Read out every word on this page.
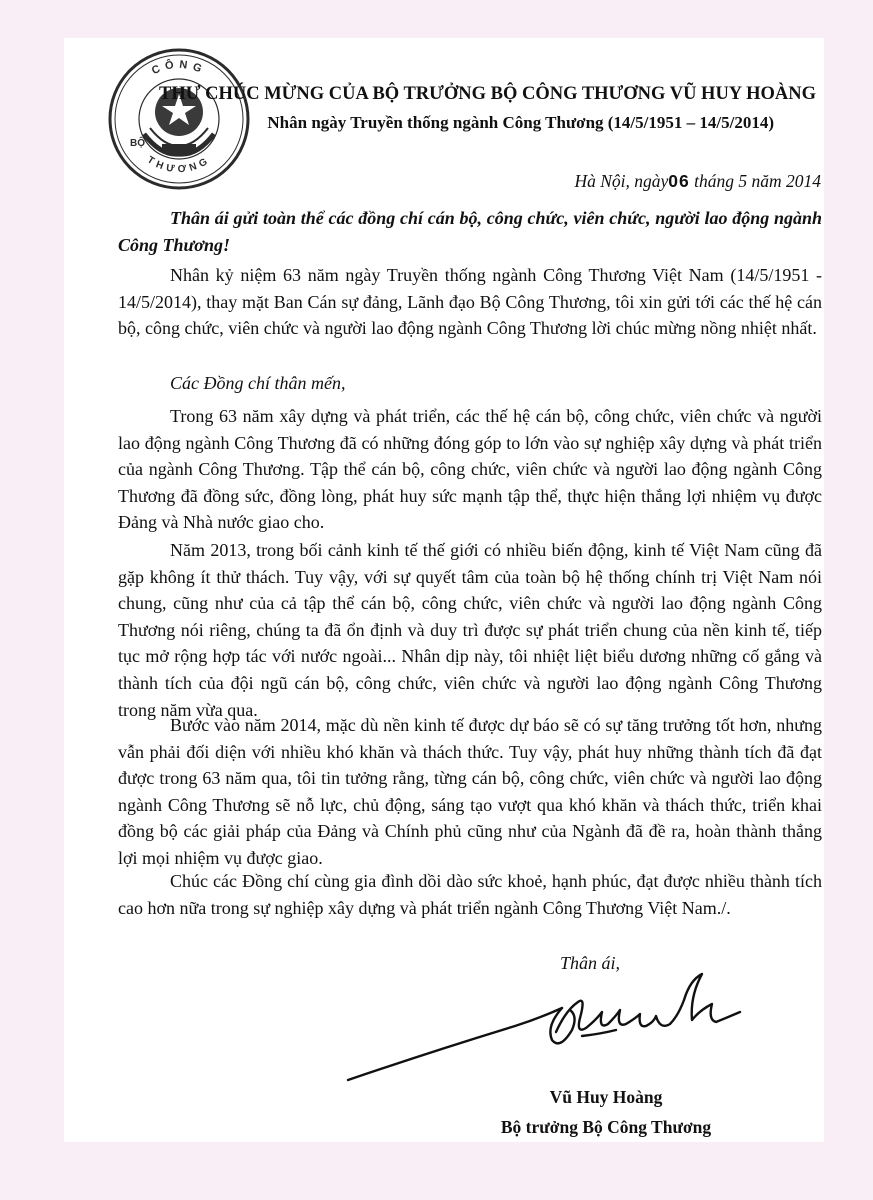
CÔNG
THƯƠNG
BỘ
THƯ CHÚC MỪNG CỦA BỘ TRƯỞNG BỘ CÔNG THƯƠNG VŨ HUY HOÀNG
Nhân ngày Truyền thống ngành Công Thương (14/5/1951 – 14/5/2014)
Hà Nội, ngày06 tháng 5 năm 2014
Thân ái gửi toàn thể các đồng chí cán bộ, công chức, viên chức, người lao động ngành Công Thương!
Nhân kỷ niệm 63 năm ngày Truyền thống ngành Công Thương Việt Nam (14/5/1951 - 14/5/2014), thay mặt Ban Cán sự đảng, Lãnh đạo Bộ Công Thương, tôi xin gửi tới các thế hệ cán bộ, công chức, viên chức và người lao động ngành Công Thương lời chúc mừng nồng nhiệt nhất.
Các Đồng chí thân mến,
Trong 63 năm xây dựng và phát triển, các thế hệ cán bộ, công chức, viên chức và người lao động ngành Công Thương đã có những đóng góp to lớn vào sự nghiệp xây dựng và phát triển của ngành Công Thương. Tập thể cán bộ, công chức, viên chức và người lao động ngành Công Thương đã đồng sức, đồng lòng, phát huy sức mạnh tập thể, thực hiện thắng lợi nhiệm vụ được Đảng và Nhà nước giao cho.
Năm 2013, trong bối cảnh kinh tế thế giới có nhiều biến động, kinh tế Việt Nam cũng đã gặp không ít thử thách. Tuy vậy, với sự quyết tâm của toàn bộ hệ thống chính trị Việt Nam nói chung, cũng như của cả tập thể cán bộ, công chức, viên chức và người lao động ngành Công Thương nói riêng, chúng ta đã ổn định và duy trì được sự phát triển chung của nền kinh tế, tiếp tục mở rộng hợp tác với nước ngoài... Nhân dịp này, tôi nhiệt liệt biểu dương những cố gắng và thành tích của đội ngũ cán bộ, công chức, viên chức và người lao động ngành Công Thương trong năm vừa qua.
Bước vào năm 2014, mặc dù nền kinh tế được dự báo sẽ có sự tăng trưởng tốt hơn, nhưng vẫn phải đối diện với nhiều khó khăn và thách thức. Tuy vậy, phát huy những thành tích đã đạt được trong 63 năm qua, tôi tin tưởng rằng, từng cán bộ, công chức, viên chức và người lao động ngành Công Thương sẽ nỗ lực, chủ động, sáng tạo vượt qua khó khăn và thách thức, triển khai đồng bộ các giải pháp của Đảng và Chính phủ cũng như của Ngành đã đề ra, hoàn thành thắng lợi mọi nhiệm vụ được giao.
Chúc các Đồng chí cùng gia đình dồi dào sức khoẻ, hạnh phúc, đạt được nhiều thành tích cao hơn nữa trong sự nghiệp xây dựng và phát triển ngành Công Thương Việt Nam./.
Thân ái,
Vũ Huy Hoàng
Bộ trưởng Bộ Công Thương
